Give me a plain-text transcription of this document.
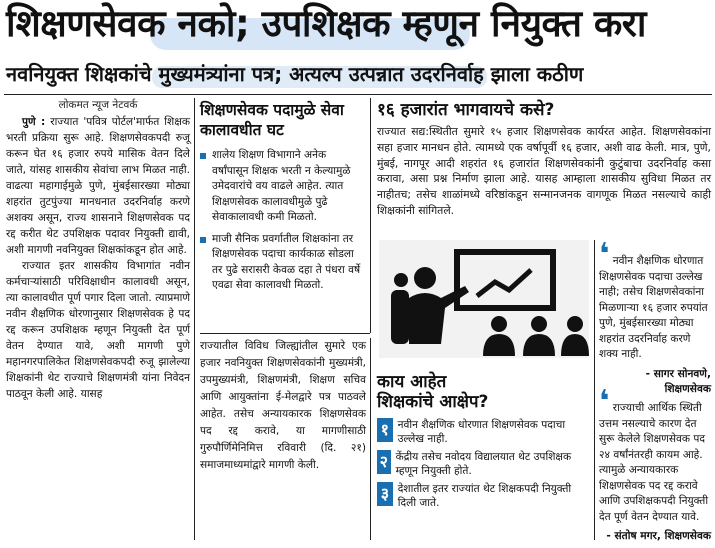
शिक्षणसेवक नको; उपशिक्षक म्हणून नियुक्त करा
नवनियुक्त शिक्षकांचे मुख्यमंत्र्यांना पत्र; अत्यल्प उत्पन्नात उदरनिर्वाह झाला कठीण
लोकमत न्यूज नेटवर्क

पुणे : राज्यात 'पवित्र पोर्टल'मार्फत शिक्षक भरती प्रक्रिया सुरू आहे. शिक्षणसेवकपदी रुजू करून घेत १६ हजार रुपये मासिक वेतन दिले जाते, यांसह शासकीय सेवांचा लाभ मिळत नाही. वाढत्या महागाईमुळे पुणे, मुंबईसारख्या मोठ्या शहरांत तुटपुंज्या मानधनात उदरनिर्वाह करणे अशक्य असून, राज्य शासनाने शिक्षणसेवक पद रद्द करीत थेट उपशिक्षक पदावर नियुक्ती द्यावी, अशी मागणी नवनियुक्त शिक्षकांकडून होत आहे.

राज्यात इतर शासकीय विभागांत नवीन कर्मचाऱ्यांसाठी परिविक्षाधीन कालावधी असून, त्या कालावधीत पूर्ण पगार दिला जातो. त्याप्रमाणे नवीन शैक्षणिक धोरणानुसार शिक्षणसेवक हे पद रद्द करून उपशिक्षक म्हणून नियुक्ती देत पूर्ण वेतन देण्यात यावे, अशी मागणी पुणे महानगरपालिकेत शिक्षणसेवकपदी रुजू झालेल्या शिक्षकांनी थेट राज्याचे शिक्षणमंत्री यांना निवेदन पाठवून केली आहे. यासह

शिक्षणसेवक पदामुळे सेवा कालावधीत घट
शालेय शिक्षण विभागाने अनेक वर्षांपासून शिक्षक भरती न केल्यामुळे उमेदवारांचे वय वाढले आहेत. त्यात शिक्षणसेवक कालावधीमुळे पुढे सेवाकालावधी कमी मिळतो.
माजी सैनिक प्रवर्गातील शिक्षकांना तर शिक्षणसेवक पदाचा कार्यकाळ सोडला तर पुढे सरासरी केवळ दहा ते पंधरा वर्षे एवढा सेवा कालावधी मिळतो.
१६ हजारांत भागवायचे कसे?
राज्यात सद्य:स्थितीत सुमारे १५ हजार शिक्षणसेवक कार्यरत आहेत. शिक्षणसेवकांना सहा हजार मानधन होते. त्यामध्ये एक वर्षापूर्वी १६ हजार, अशी वाढ केली. मात्र, पुणे, मुंबई, नागपूर आदी शहरांत १६ हजारांत शिक्षणसेवकांनी कुटुंबाचा उदरनिर्वाह कसा करावा, असा प्रश्न निर्माण झाला आहे. यासह आम्हाला शासकीय सुविधा मिळत तर नाहीतच; तसेच शाळांमध्ये वरिष्ठांकडून सन्मानजनक वागणूक मिळत नसल्याचे काही शिक्षकांनी सांगितले.
राज्यातील विविध जिल्ह्यांतील सुमारे एक हजार नवनियुक्त शिक्षणसेवकांनी मुख्यमंत्री, उपमुख्यमंत्री, शिक्षणमंत्री, शिक्षण सचिव आणि आयुक्तांना ई-मेलद्वारे पत्र पाठवले आहेत. तसेच अन्यायकारक शिक्षणसेवक पद रद्द करावे, या मागणीसाठी गुरुपौर्णिमेनिमित्त रविवारी (दि. २१) समाजमाध्यमांद्वारे मागणी केली.
काय आहेत
शिक्षकांचे आक्षेप?
१ नवीन शैक्षणिक धोरणात शिक्षणसेवक पदाचा उल्लेख नाही.
२ केंद्रीय तसेच नवोदय विद्यालयात थेट उपशिक्षक म्हणून नियुक्ती होते.
३ देशातील इतर राज्यांत थेट शिक्षकपदी नियुक्ती दिली जाते.
❛ नवीन शैक्षणिक धोरणात शिक्षणसेवक पदाचा उल्लेख नाही; तसेच शिक्षणसेवकांना मिळणाऱ्या १६ हजार रुपयांत पुणे, मुंबईसारख्या मोठ्या शहरांत उदरनिर्वाह करणे शक्य नाही.
- सागर सोनवणे, शिक्षणसेवक
❛ राज्याची आर्थिक स्थिती उत्तम नसल्याचे कारण देत सुरू केलेले शिक्षणसेवक पद २४ वर्षांनंतरही कायम आहे. त्यामुळे अन्यायकारक शिक्षणसेवक पद रद्द करावे आणि उपशिक्षकपदी नियुक्ती देत पूर्ण वेतन देण्यात यावे.
- संतोष मगर, शिक्षणसेवक
